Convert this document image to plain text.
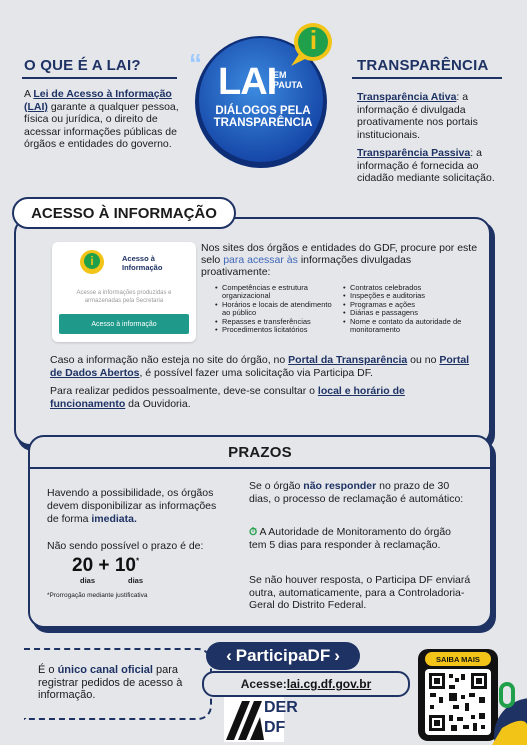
O QUE É A LAI?
A Lei de Acesso à Informação (LAI) garante a qualquer pessoa, física ou jurídica, o direito de acessar informações públicas de órgãos e entidades do governo.
i
“ LAI
EM PAUTA
DIÁLOGOS PELA
TRANSPARÊNCIA
TRANSPARÊNCIA
Transparência Ativa: a informação é divulgada proativamente nos portais institucionais.
Transparência Passiva: a informação é fornecida ao cidadão mediante solicitação.
ACESSO À INFORMAÇÃO
i	Acesso à
Informação
Acesse a informações produzidas e armazenadas pela Secretaria
Acesso à informação
Nos sites dos órgãos e entidades do GDF, procure por este selo para acessar às informações divulgadas proativamente:
• Competências e estrutura organizacional
• Horários e locais de atendimento ao público
• Repasses e transferências
• Procedimentos licitatórios
• Contratos celebrados
• Inspeções e auditorias
• Programas e ações
• Diárias e passagens
• Nome e contato da autoridade de monitoramento
Caso a informação não esteja no site do órgão, no Portal da Transparência ou no Portal de Dados Abertos, é possível fazer uma solicitação via Participa DF.
Para realizar pedidos pessoalmente, deve-se consultar o local e horário de funcionamento da Ouvidoria.
PRAZOS
Havendo a possibilidade, os órgãos devem disponibilizar as informações de forma imediata.
Não sendo possível o prazo é de:
20 + 10*
dias	dias
*Prorrogação mediante justificativa
Se o órgão não responder no prazo de 30 dias, o processo de reclamação é automático:
⏱ A Autoridade de Monitoramento do órgão tem 5 dias para responder à reclamação.
Se não houver resposta, o Participa DF enviará outra, automaticamente, para a Controladoria-Geral do Distrito Federal.
É o único canal oficial para registrar pedidos de acesso à informação.
‹ ParticipaDF ›
Acesse: lai.cg.df.gov.br
DER
DF
SAIBA MAIS
